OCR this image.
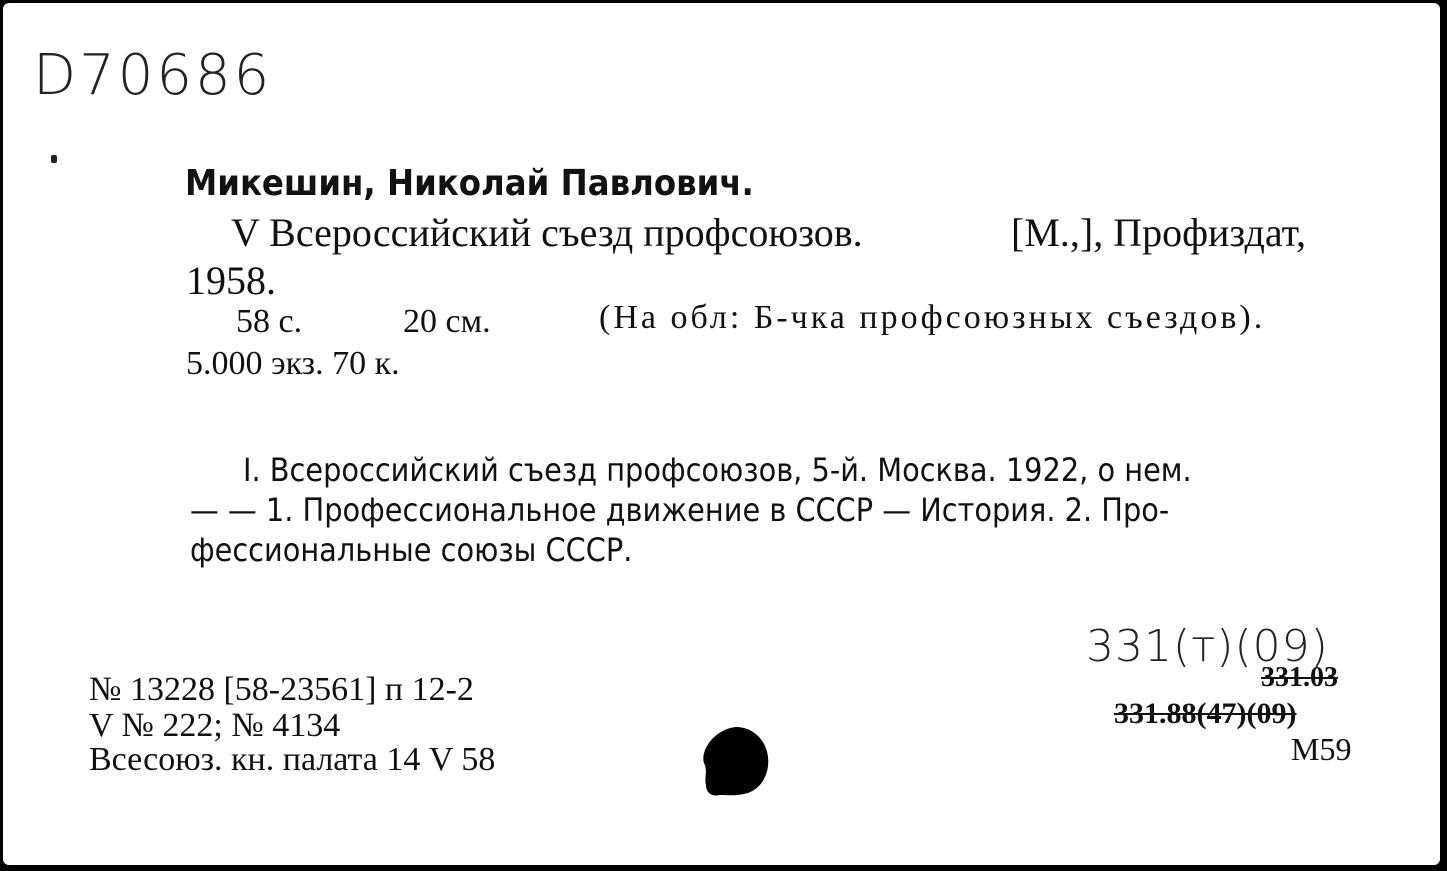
D70686
Микешин, Николай Павлович.
V Всероссийский съезд профсоюзов.	[М.,], Профиздат,
1958.
58 с.	20 см.	(На обл: Б-чка профсоюзных съездов).
5.000 экз. 70 к.
I. Всероссийский съезд профсоюзов, 5-й. Москва. 1922, о нем.
— — 1. Профессиональное движение в СССР — История. 2. Про-
фессиональные союзы СССР.
№ 13228 [58-23561] п 12-2
V № 222; № 4134
Всесоюз. кн. палата 14 V 58
331(т)(09)
331.03
331.88(47)(09)
М59
